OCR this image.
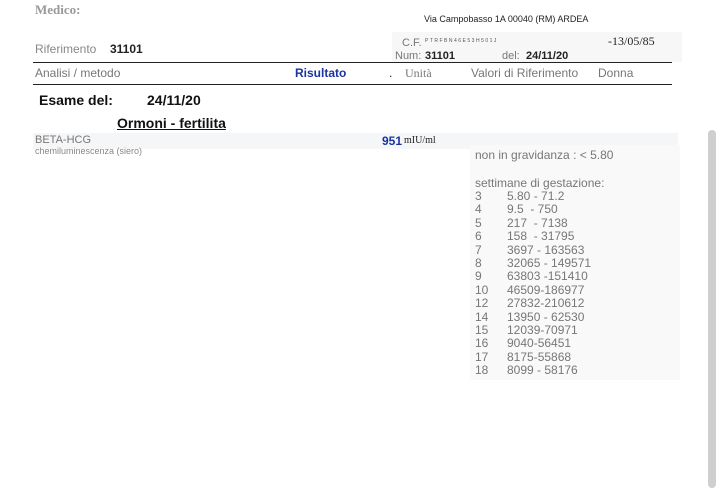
Medico:
Via Campobasso 1A 00040 (RM) ARDEA
C.F. PTRFBN46E53H501J	-13/05/85
Riferimento 31101	Num: 31101	del: 24/11/20
Analisi / metodo	Risultato	. Unità	Valori di Riferimento Donna
Esame del: 24/11/20
Ormoni - fertilita
BETA-HCG
chemiluminescenza (siero)
951 mIU/ml
non in gravidanza : < 5.80
settimane di gestazione:
3 5.80 - 71.2
4 9.5  - 750
5 217  - 7138
6 158  - 31795
7 3697 - 163563
8 32065 - 149571
9 63803 -151410
10 46509-186977
12 27832-210612
14 13950 - 62530
15 12039-70971
16 9040-56451
17 8175-55868
18 8099 - 58176
